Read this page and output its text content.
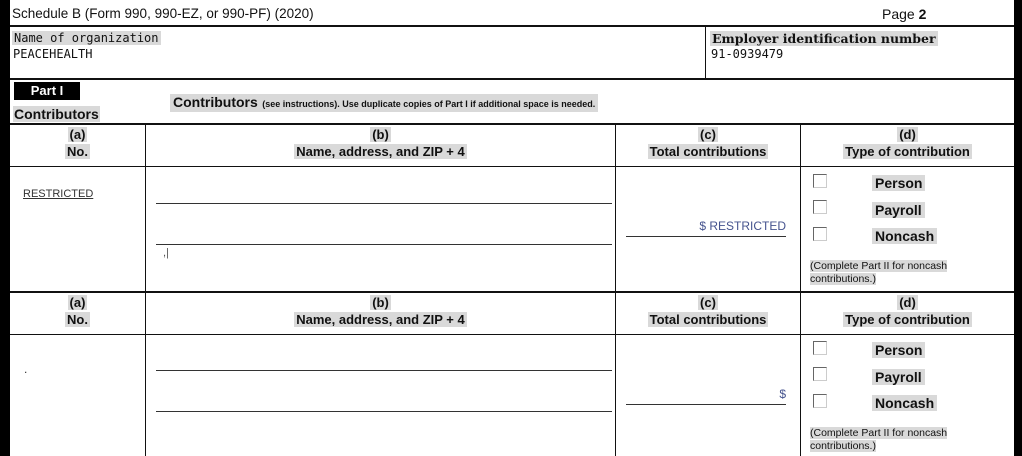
Schedule B (Form 990, 990-EZ, or 990-PF) (2020)	Page 2
Name of organization
PEACEHEALTH
Employer identification number
91-0939479
Part I
Contributors
Contributors (see instructions). Use duplicate copies of Part I if additional space is needed.
(a)
No.
(b)
Name, address, and ZIP + 4
(c)
Total contributions
(d)
Type of contribution
RESTRICTED
,|
$ RESTRICTED
Person
Payroll
Noncash
(Complete Part II for noncash
contributions.)
(a)
No.
(b)
Name, address, and ZIP + 4
(c)
Total contributions
(d)
Type of contribution
.
$
Person
Payroll
Noncash
(Complete Part II for noncash
contributions.)
